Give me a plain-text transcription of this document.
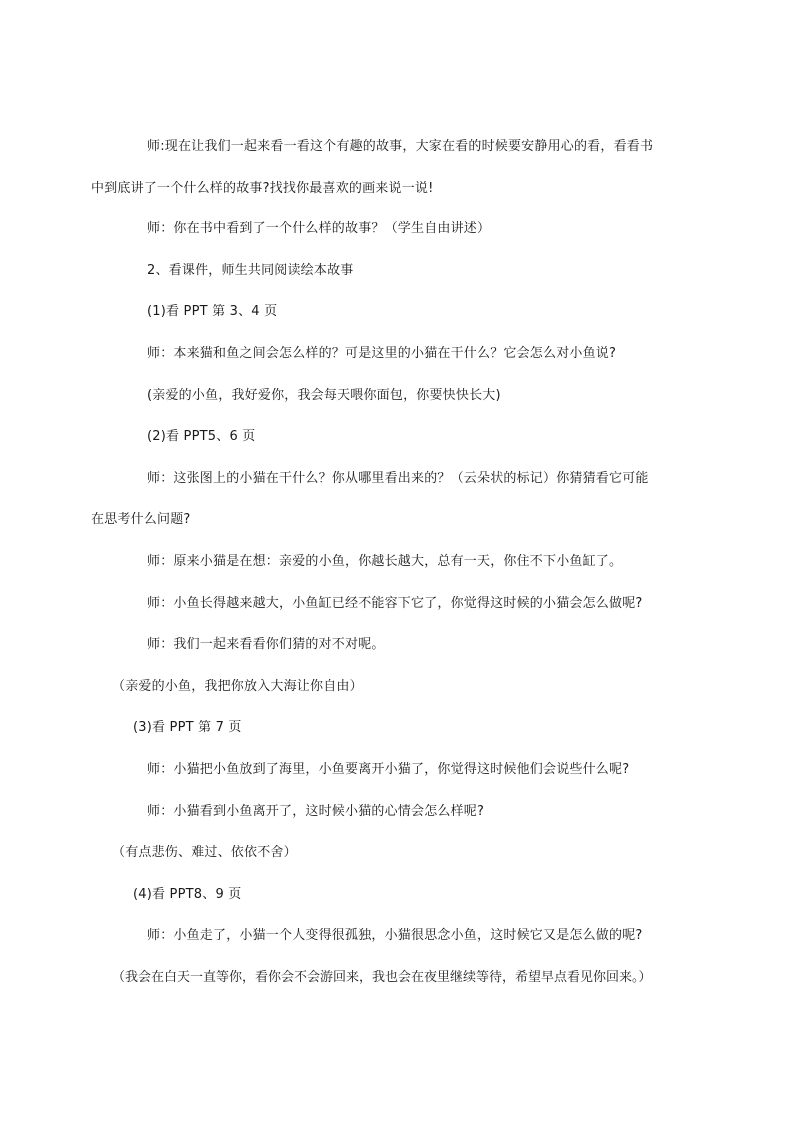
师:现在让我们一起来看一看这个有趣的故事，大家在看的时候要安静用心的看，看看书
中到底讲了一个什么样的故事?找找你最喜欢的画来说一说!
师：你在书中看到了一个什么样的故事？（学生自由讲述）
2、看课件，师生共同阅读绘本故事
(1)看 PPT 第 3、4 页
师：本来猫和鱼之间会怎么样的？可是这里的小猫在干什么？它会怎么对小鱼说?
(亲爱的小鱼，我好爱你，我会每天喂你面包，你要快快长大)
(2)看 PPT5、6 页
师：这张图上的小猫在干什么？你从哪里看出来的？（云朵状的标记）你猜猜看它可能
在思考什么问题?
师：原来小猫是在想：亲爱的小鱼，你越长越大，总有一天，你住不下小鱼缸了。
师：小鱼长得越来越大，小鱼缸已经不能容下它了，你觉得这时候的小猫会怎么做呢?
师：我们一起来看看你们猜的对不对呢。
（亲爱的小鱼，我把你放入大海让你自由）
(3)看 PPT 第 7 页
师：小猫把小鱼放到了海里，小鱼要离开小猫了，你觉得这时候他们会说些什么呢?
师：小猫看到小鱼离开了，这时候小猫的心情会怎么样呢?
（有点悲伤、难过、依依不舍）
(4)看 PPT8、9 页
师：小鱼走了，小猫一个人变得很孤独，小猫很思念小鱼，这时候它又是怎么做的呢?
（我会在白天一直等你，看你会不会游回来，我也会在夜里继续等待，希望早点看见你回来。）
